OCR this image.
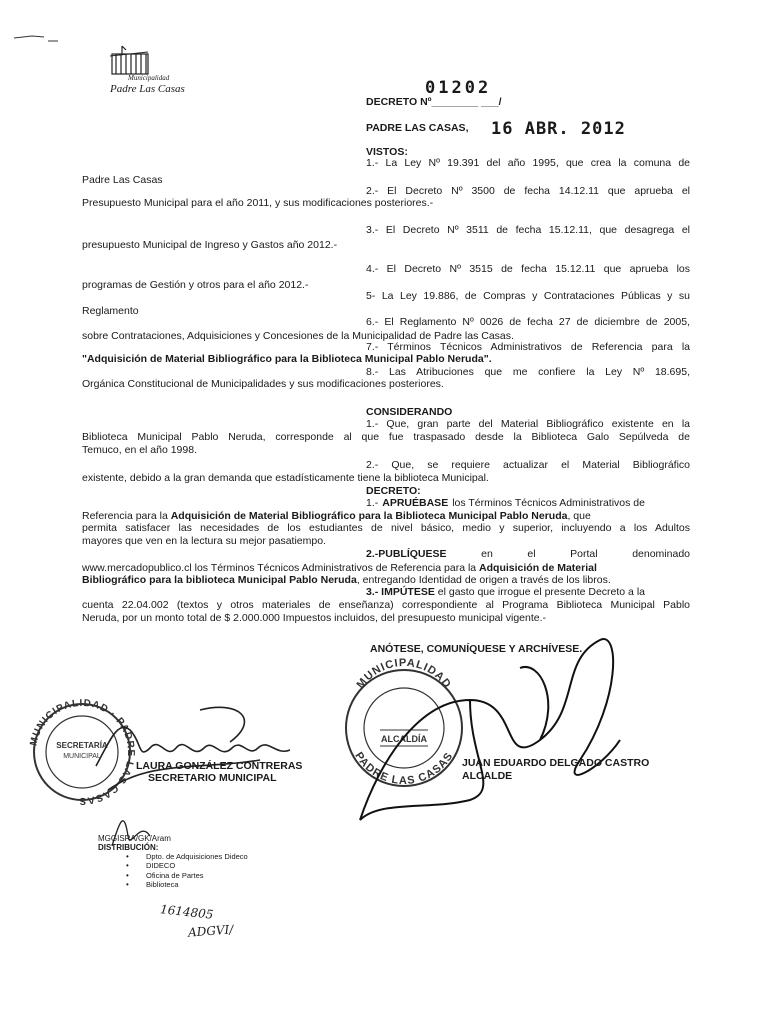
Municipalidad
Padre Las Casas	01202
DECRETO Nº________ ___/
PADRE LAS CASAS, 16 ABR. 2012
VISTOS:
1.- La Ley Nº 19.391 del año 1995, que crea la comuna de
Padre Las Casas
2.- El Decreto Nº 3500 de fecha 14.12.11 que aprueba el
Presupuesto Municipal para el año 2011, y sus modificaciones posteriores.-
3.- El Decreto Nº 3511 de fecha 15.12.11, que desagrega el
presupuesto Municipal de Ingreso y Gastos año 2012.-
4.- El Decreto Nº 3515 de fecha 15.12.11 que aprueba los
programas de Gestión y otros para el año 2012.-
5- La Ley 19.886, de Compras y Contrataciones Públicas y su
Reglamento
6.- El Reglamento Nº 0026 de fecha 27 de diciembre de 2005,
sobre Contrataciones, Adquisiciones y Concesiones de la Municipalidad de Padre las Casas.
7.- Términos Técnicos Administrativos de Referencia para la
"Adquisición de Material Bibliográfico para la Biblioteca Municipal Pablo Neruda".
8.- Las Atribuciones que me confiere la Ley Nº 18.695,
Orgánica Constitucional de Municipalidades y sus modificaciones posteriores.
CONSIDERANDO
1.- Que, gran parte del Material Bibliográfico existente en la
Biblioteca Municipal Pablo Neruda, corresponde al que fue traspasado desde la Biblioteca Galo Sepúlveda de
Temuco, en el año 1998.
2.- Que, se requiere actualizar el Material Bibliográfico
existente, debido a la gran demanda que estadísticamente tiene la biblioteca Municipal.
DECRETO:
1.- APRUÉBASE los Términos Técnicos Administrativos de
Referencia para la Adquisición de Material Bibliográfico para la Biblioteca Municipal Pablo Neruda, que
permita satisfacer las necesidades de los estudiantes de nivel básico, medio y superior, incluyendo a los Adultos
mayores que ven en la lectura su mejor pasatiempo.
2.-PUBLÍQUESE	en	el	Portal	denominado
www.mercadopublico.cl los Términos Técnicos Administrativos de Referencia para la Adquisición de Material
Bibliográfico para la biblioteca Municipal Pablo Neruda, entregando Identidad de origen a través de los libros.
3.- IMPÚTESE el gasto que irrogue el presente Decreto a la
cuenta 22.04.002 (textos y otros materiales de enseñanza) correspondiente al Programa Biblioteca Municipal Pablo
Neruda, por un monto total de $ 2.000.000 Impuestos incluidos, del presupuesto municipal vigente.-
ANÓTESE, COMUNÍQUESE Y ARCHÍVESE.
MUNICIPALIDAD · PADRE LAS CASAS
SECRETARÍA
MUNICIPAL
MUNICIPALIDAD
PADRE LAS CASAS
ALCALDÍA
LAURA GONZÁLEZ CONTRERAS
SECRETARIO MUNICIPAL
JUAN EDUARDO DELGADO CASTRO
ALCALDE
MGGISRA/GK/Aram
DISTRIBUCIÓN:
• Dpto. de Adquisiciones Dideco
• DIDECO
• Oficina de Partes
• Biblioteca
1614805
ADGVI/
